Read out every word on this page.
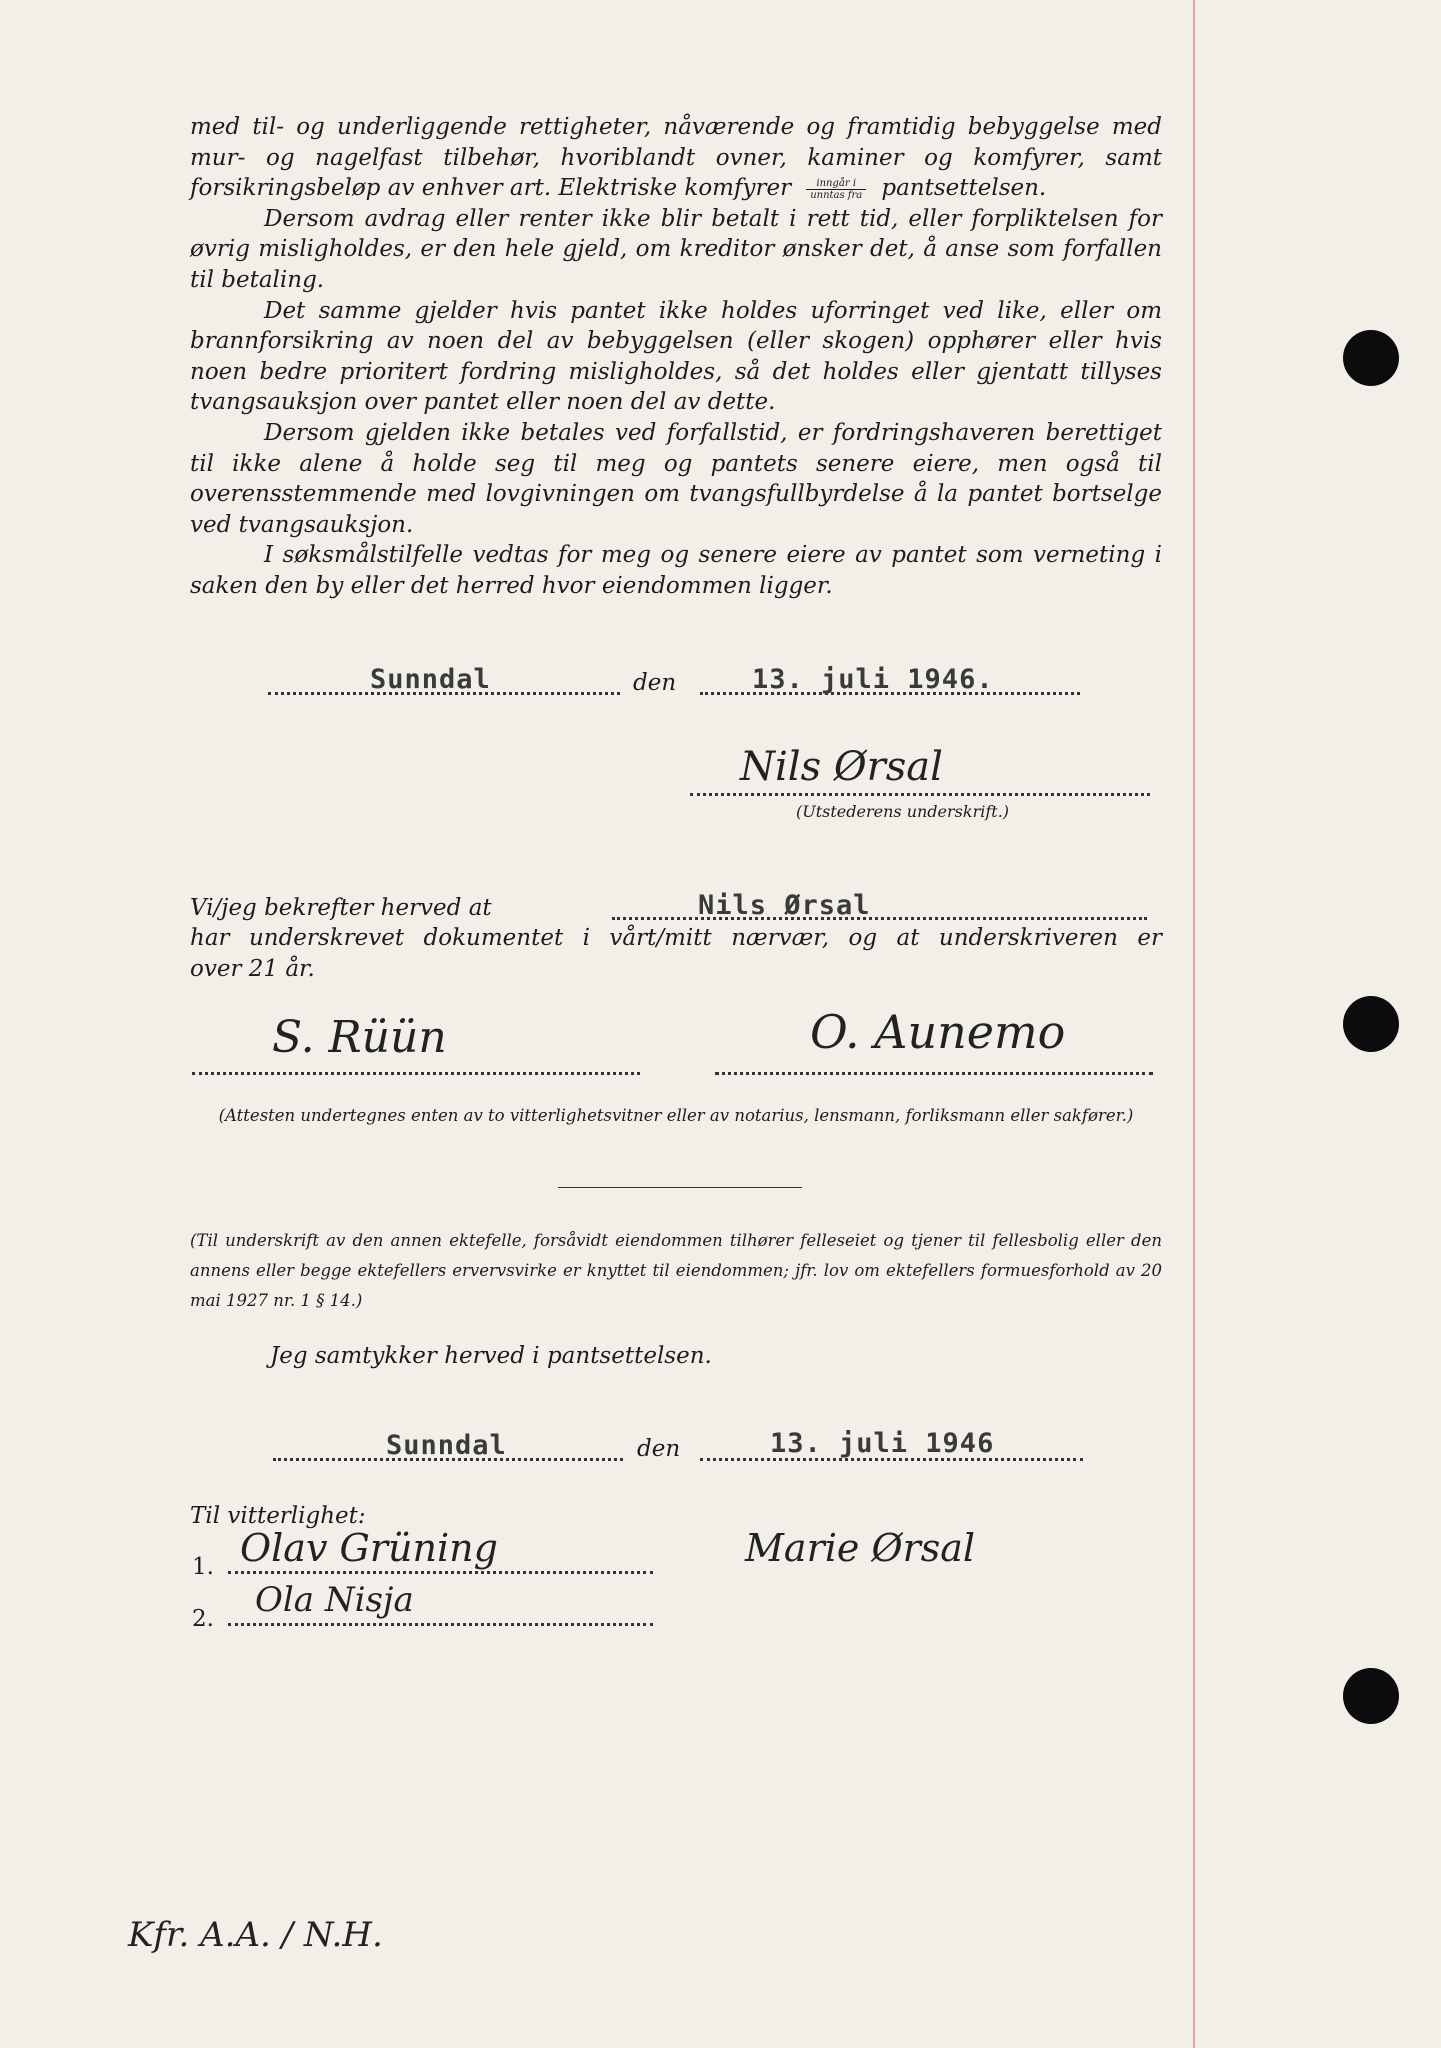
med til- og underliggende rettigheter, nåværende og framtidig bebyggelse med mur- og nagelfast tilbehør, hvoriblandt ovner, kaminer og komfyrer, samt forsikringsbeløp av enhver art. Elektriske komfyrer $\frac{\text{inngår i}}{\text{unntas fra}}$ pantsettelsen.

Dersom avdrag eller renter ikke blir betalt i rett tid, eller forpliktelsen for øvrig misligholdes, er den hele gjeld, om kreditor ønsker det, å anse som forfallen til betaling.

Det samme gjelder hvis pantet ikke holdes uforringet ved like, eller om brannforsikring av noen del av bebyggelsen (eller skogen) opphører eller hvis noen bedre prioritert fordring misligholdes, så det holdes eller gjentatt tillyses tvangsauksjon over pantet eller noen del av dette.

Dersom gjelden ikke betales ved forfallstid, er fordringshaveren berettiget til ikke alene å holde seg til meg og pantets senere eiere, men også til overensstemmende med lovgivningen om tvangsfullbyrdelse å la pantet bortselge ved tvangsauksjon.

I søksmålstilfelle vedtas for meg og senere eiere av pantet som verneting i saken den by eller det herred hvor eiendommen ligger.

Sunndal	den	13. juli 1946.
Nils Ørsal
(Utstederens underskrift.)
Vi/jeg bekrefter herved at	Nils Ørsal
har underskrevet dokumentet i vårt/mitt nærvær, og at underskriveren er
over 21 år.
S. Rüün	O. Aunemo
(Attesten undertegnes enten av to vitterlighetsvitner eller av notarius, lensmann, forliksmann eller sakfører.)
(Til underskrift av den annen ektefelle, forsåvidt eiendommen tilhører felleseiet og tjener til fellesbolig eller den annens eller begge ektefellers ervervsvirke er knyttet til eiendommen; jfr. lov om ektefellers formuesforhold av 20 mai 1927 nr. 1 § 14.)
Jeg samtykker herved i pantsettelsen.
Sunndal	den	13. juli 1946
Til vitterlighet:
1. Olav Grüning	Marie Ørsal
2. Ola Nisja
Kfr. A.A. / N.H.
